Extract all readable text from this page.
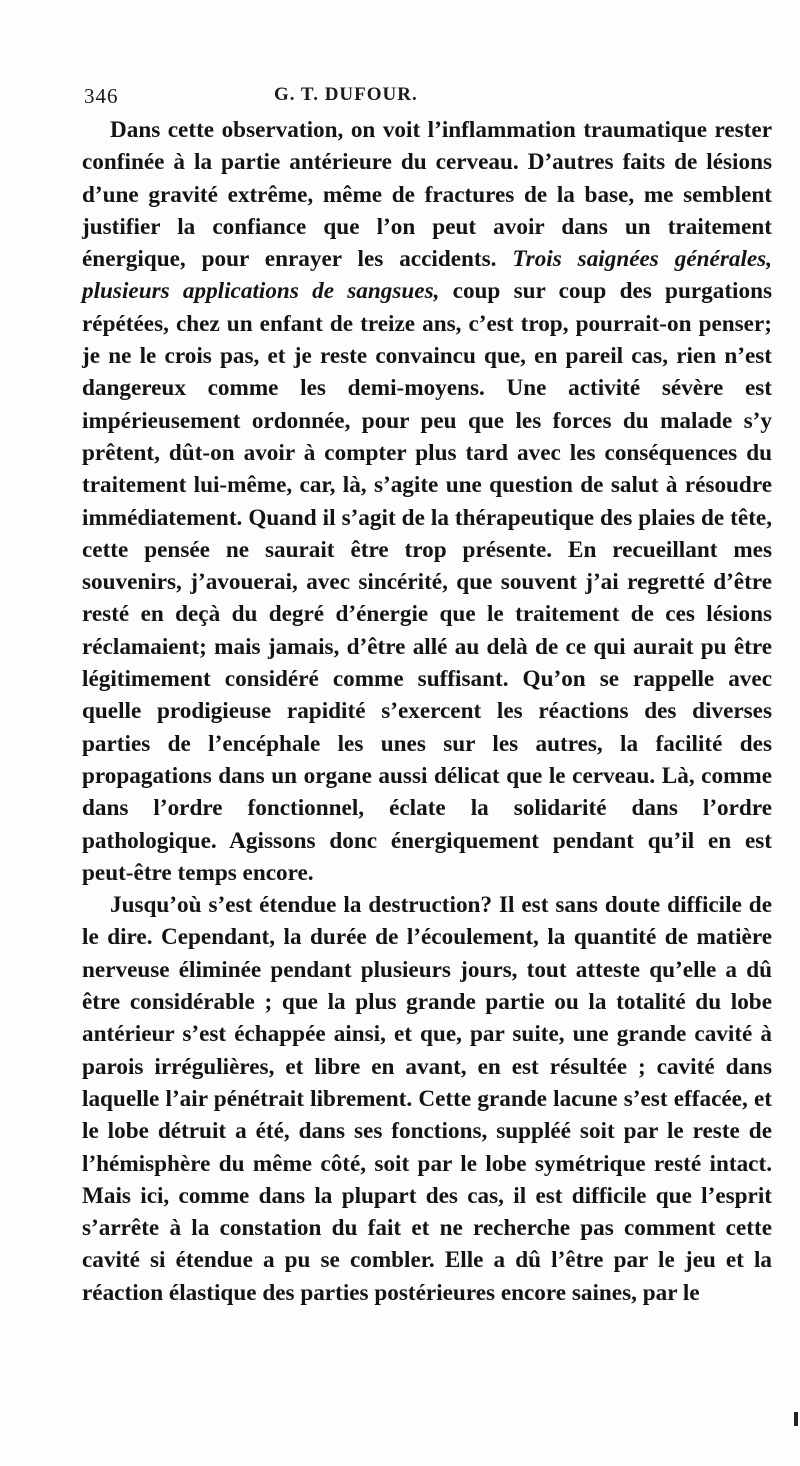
346	G. T. DUFOUR.

Dans cette observation, on voit l’inflammation traumatique rester confinée à la partie antérieure du cerveau. D’autres faits de lésions d’une gravité extrême, même de fractures de la base, me semblent justifier la confiance que l’on peut avoir dans un traitement énergique, pour enrayer les accidents. Trois saignées générales, plusieurs applications de sangsues, coup sur coup des purgations répétées, chez un enfant de treize ans, c’est trop, pourrait-on penser; je ne le crois pas, et je reste convaincu que, en pareil cas, rien n’est dangereux comme les demi-moyens. Une activité sévère est impérieusement ordonnée, pour peu que les forces du malade s’y prêtent, dût-on avoir à compter plus tard avec les conséquences du traitement lui-même, car, là, s’agite une question de salut à résoudre immédiatement. Quand il s’agit de la thérapeutique des plaies de tête, cette pensée ne saurait être trop présente. En recueillant mes souvenirs, j’avouerai, avec sincérité, que souvent j’ai regretté d’être resté en deçà du degré d’énergie que le traitement de ces lésions réclamaient; mais jamais, d’être allé au delà de ce qui aurait pu être légitimement considéré comme suffisant. Qu’on se rappelle avec quelle prodigieuse rapidité s’exercent les réactions des diverses parties de l’encéphale les unes sur les autres, la facilité des propagations dans un organe aussi délicat que le cerveau. Là, comme dans l’ordre fonctionnel, éclate la solidarité dans l’ordre pathologique. Agissons donc énergiquement pendant qu’il en est peut-être temps encore.

Jusqu’où s’est étendue la destruction? Il est sans doute difficile de le dire. Cependant, la durée de l’écoulement, la quantité de matière nerveuse éliminée pendant plusieurs jours, tout atteste qu’elle a dû être considérable ; que la plus grande partie ou la totalité du lobe antérieur s’est échappée ainsi, et que, par suite, une grande cavité à parois irrégulières, et libre en avant, en est résultée ; cavité dans laquelle l’air pénétrait librement. Cette grande lacune s’est effacée, et le lobe détruit a été, dans ses fonctions, suppléé soit par le reste de l’hémisphère du même côté, soit par le lobe symétrique resté intact. Mais ici, comme dans la plupart des cas, il est difficile que l’esprit s’arrête à la constation du fait et ne recherche pas comment cette cavité si étendue a pu se combler. Elle a dû l’être par le jeu et la réaction élastique des parties postérieures encore saines, par le
